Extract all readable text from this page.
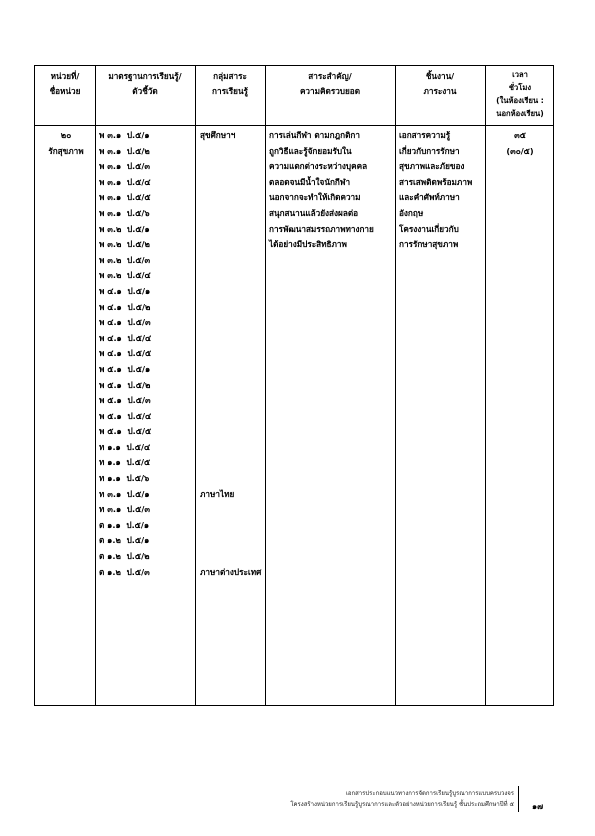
หน่วยที่/
ชื่อหน่วย
มาตรฐานการเรียนรู้/
ตัวชี้วัด
กลุ่มสาระ
การเรียนรู้
สาระสำคัญ/
ความคิดรวบยอด
ชิ้นงาน/
ภาระงาน
เวลา
ชั่วโมง
(ในห้องเรียน :
นอกห้องเรียน)
๒๐
รักสุขภาพ
พ ๓.๑  ป.๕/๑
พ ๓.๑  ป.๕/๒
พ ๓.๑  ป.๕/๓
พ ๓.๑  ป.๕/๔
พ ๓.๑  ป.๕/๕
พ ๓.๑  ป.๕/๖
พ ๓.๒  ป.๕/๑
พ ๓.๒  ป.๕/๒
พ ๓.๒  ป.๕/๓
พ ๓.๒  ป.๕/๔
พ ๔.๑  ป.๕/๑
พ ๔.๑  ป.๕/๒
พ ๔.๑  ป.๕/๓
พ ๔.๑  ป.๕/๔
พ ๔.๑  ป.๕/๕
พ ๕.๑  ป.๕/๑
พ ๕.๑  ป.๕/๒
พ ๕.๑  ป.๕/๓
พ ๕.๑  ป.๕/๔
พ ๕.๑  ป.๕/๕
ท ๑.๑  ป.๕/๔
ท ๑.๑  ป.๕/๕
ท ๑.๑  ป.๕/๖
ท ๓.๑  ป.๕/๑
ท ๓.๑  ป.๕/๓
ต ๑.๑  ป.๕/๑
ต ๑.๒  ป.๕/๑
ต ๑.๒  ป.๕/๒
ต ๑.๒  ป.๕/๓
สุขศึกษาฯ
ภาษาไทย
ภาษาต่างประเทศ
การเล่นกีฬา ตามกฎกติกา
ถูกวิธีและรู้จักยอมรับใน
ความแตกต่างระหว่างบุคคล
ตลอดจนมีน้ำใจนักกีฬา
นอกจากจะทำให้เกิดความ
สนุกสนานแล้วยังส่งผลต่อ
การพัฒนาสมรรถภาพทางกาย
ได้อย่างมีประสิทธิภาพ
เอกสารความรู้
เกี่ยวกับการรักษา
สุขภาพและภัยของ
สารเสพติดพร้อมภาพ
และคำศัพท์ภาษา
อังกฤษ
โครงงานเกี่ยวกับ
การรักษาสุขภาพ
๓๕
(๓๐/๕)
เอกสารประกอบแนวทางการจัดการเรียนรู้บูรณาการแบบครบวงจร
โครงสร้างหน่วยการเรียนรู้บูรณาการและตัวอย่างหน่วยการเรียนรู้ ชั้นประถมศึกษาปีที่ ๕ ๑๗
